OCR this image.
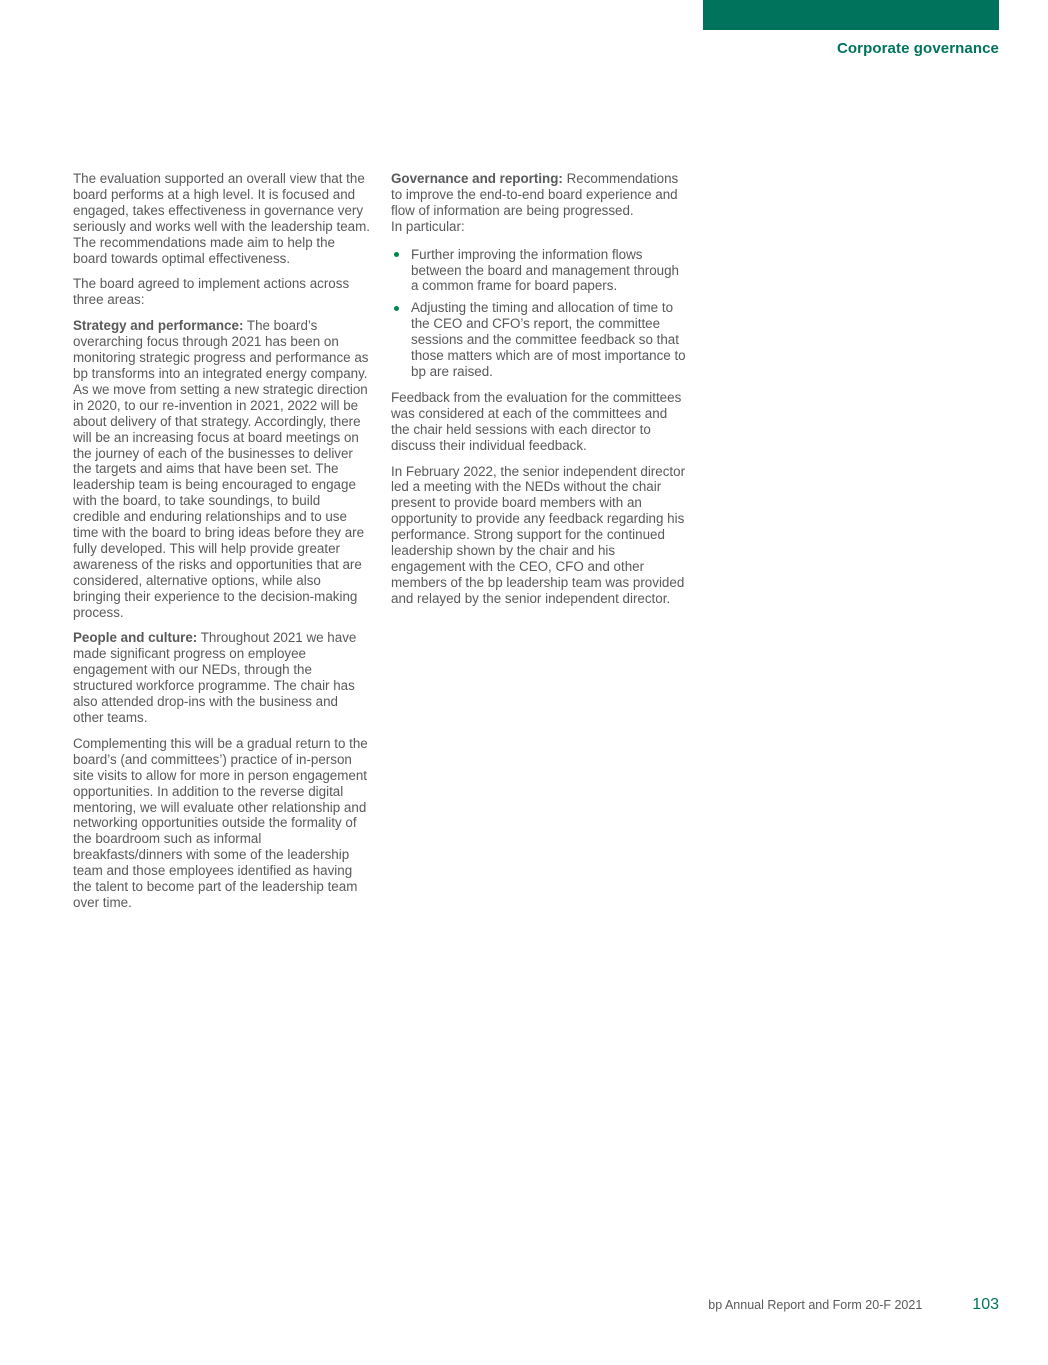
Corporate governance

The evaluation supported an overall view that the board performs at a high level. It is focused and engaged, takes effectiveness in governance very seriously and works well with the leadership team. The recommendations made aim to help the board towards optimal effectiveness.

The board agreed to implement actions across three areas:

Strategy and performance: The board’s overarching focus through 2021 has been on monitoring strategic progress and performance as bp transforms into an integrated energy company. As we move from setting a new strategic direction in 2020, to our re-invention in 2021, 2022 will be about delivery of that strategy. Accordingly, there will be an increasing focus at board meetings on the journey of each of the businesses to deliver the targets and aims that have been set. The leadership team is being encouraged to engage with the board, to take soundings, to build credible and enduring relationships and to use time with the board to bring ideas before they are fully developed. This will help provide greater awareness of the risks and opportunities that are considered, alternative options, while also bringing their experience to the decision-making process.

People and culture: Throughout 2021 we have made significant progress on employee engagement with our NEDs, through the structured workforce programme. The chair has also attended drop-ins with the business and other teams.

Complementing this will be a gradual return to the board’s (and committees’) practice of in-person site visits to allow for more in person engagement opportunities. In addition to the reverse digital mentoring, we will evaluate other relationship and networking opportunities outside the formality of the boardroom such as informal breakfasts/dinners with some of the leadership team and those employees identified as having the talent to become part of the leadership team over time.

Governance and reporting: Recommendations to improve the end-to-end board experience and flow of information are being progressed.

In particular:

Further improving the information flows between the board and management through a common frame for board papers.
Adjusting the timing and allocation of time to the CEO and CFO’s report, the committee sessions and the committee feedback so that those matters which are of most importance to bp are raised.

Feedback from the evaluation for the committees was considered at each of the committees and the chair held sessions with each director to discuss their individual feedback.

In February 2022, the senior independent director led a meeting with the NEDs without the chair present to provide board members with an opportunity to provide any feedback regarding his performance. Strong support for the continued leadership shown by the chair and his engagement with the CEO, CFO and other members of the bp leadership team was provided and relayed by the senior independent director.

bp Annual Report and Form 20-F 2021	103
